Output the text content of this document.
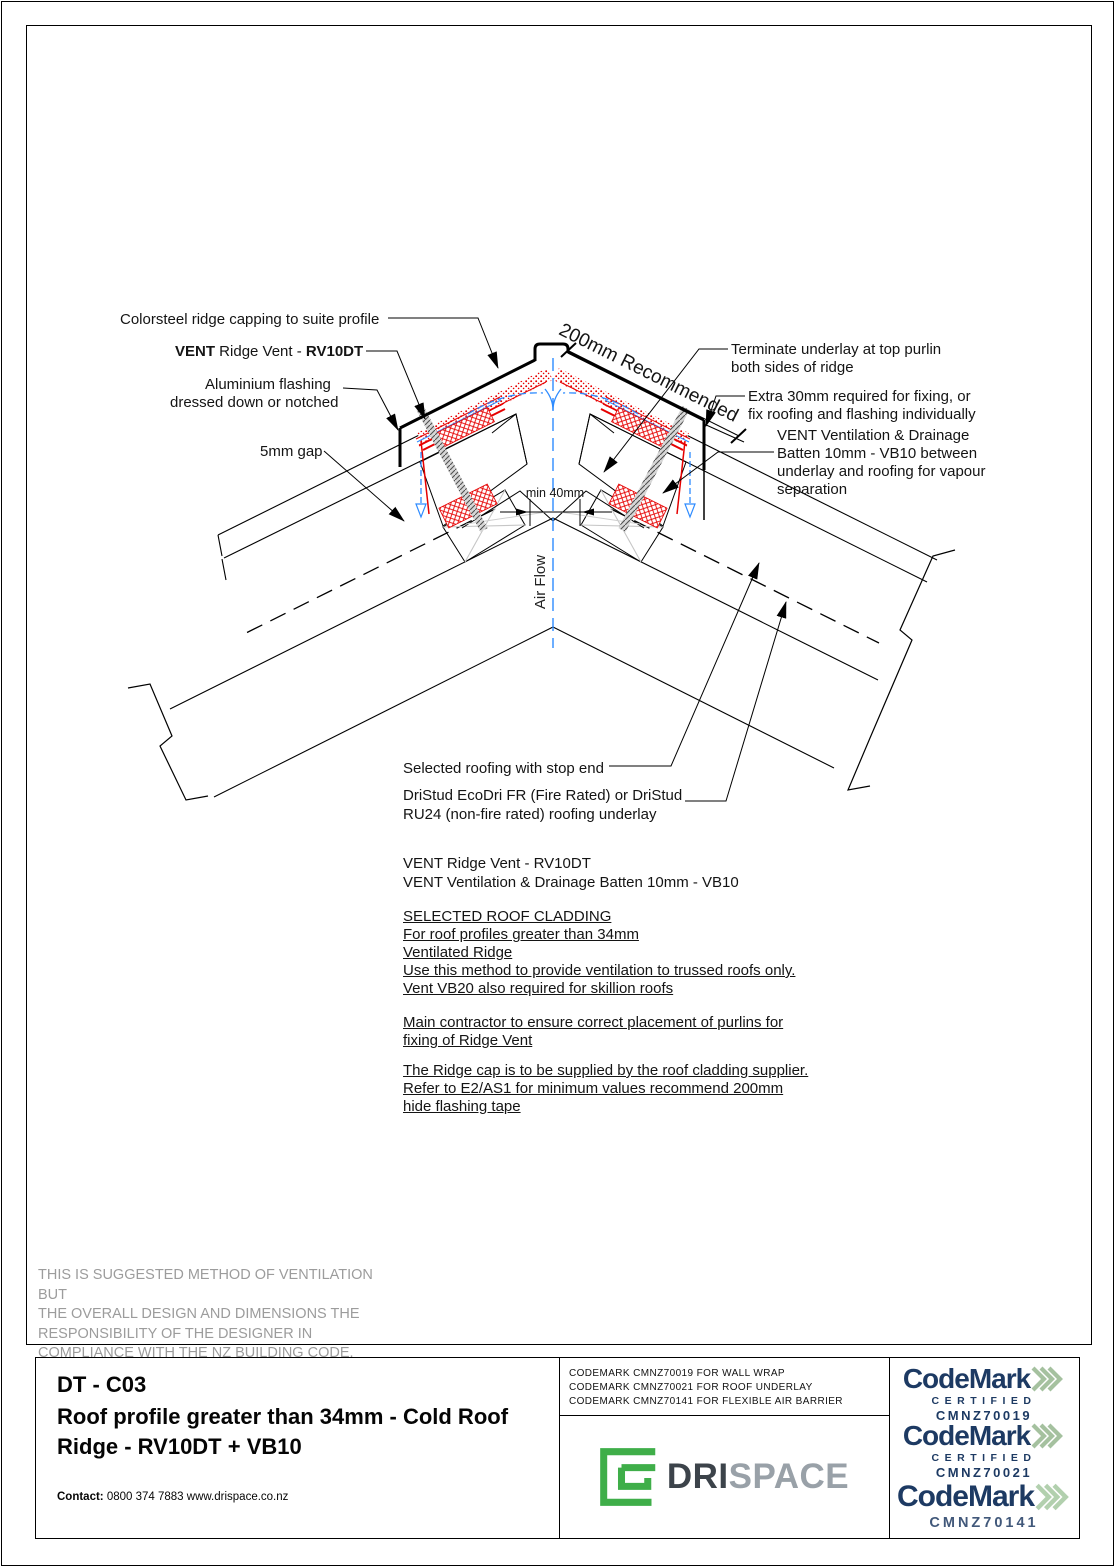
200mm Recommended
min 40mm
Air Flow
Colorsteel ridge capping to suite profile
VENT Ridge Vent - RV10DT
Aluminium flashing
dressed down or notched
5mm gap
Terminate underlay at top purlin
both sides of ridge
Extra 30mm required for fixing, or
fix roofing and flashing individually
VENT Ventilation & Drainage
Batten 10mm - VB10 between
underlay and roofing for vapour
separation
Selected roofing with stop end
DriStud EcoDri FR (Fire Rated) or DriStud
RU24 (non-fire rated) roofing underlay
VENT Ridge Vent - RV10DT
VENT Ventilation & Drainage Batten 10mm - VB10
SELECTED ROOF CLADDING
For roof profiles greater than 34mm
Ventilated Ridge
Use this method to provide ventilation to trussed roofs only.
Vent VB20 also required for skillion roofs
Main contractor to ensure correct placement of purlins for
fixing of Ridge Vent
The Ridge cap is to be supplied by the roof cladding supplier.
Refer to E2/AS1 for minimum values recommend 200mm
hide flashing tape
THIS IS SUGGESTED METHOD OF VENTILATION BUT
THE OVERALL DESIGN AND DIMENSIONS THE
RESPONSIBILITY OF THE DESIGNER IN
COMPLIANCE WITH THE NZ BUILDING CODE.
DT - C03
Roof profile greater than 34mm - Cold Roof
Ridge - RV10DT + VB10
Contact: 0800 374 7883 www.drispace.co.nz
CODEMARK CMNZ70019 FOR WALL WRAP
CODEMARK CMNZ70021 FOR ROOF UNDERLAY
CODEMARK CMNZ70141 FOR FLEXIBLE AIR BARRIER
DRISPACE
CodeMark
CERTIFIED
CMNZ70019
CodeMark
CERTIFIED
CMNZ70021
CodeMark
CMNZ70141
